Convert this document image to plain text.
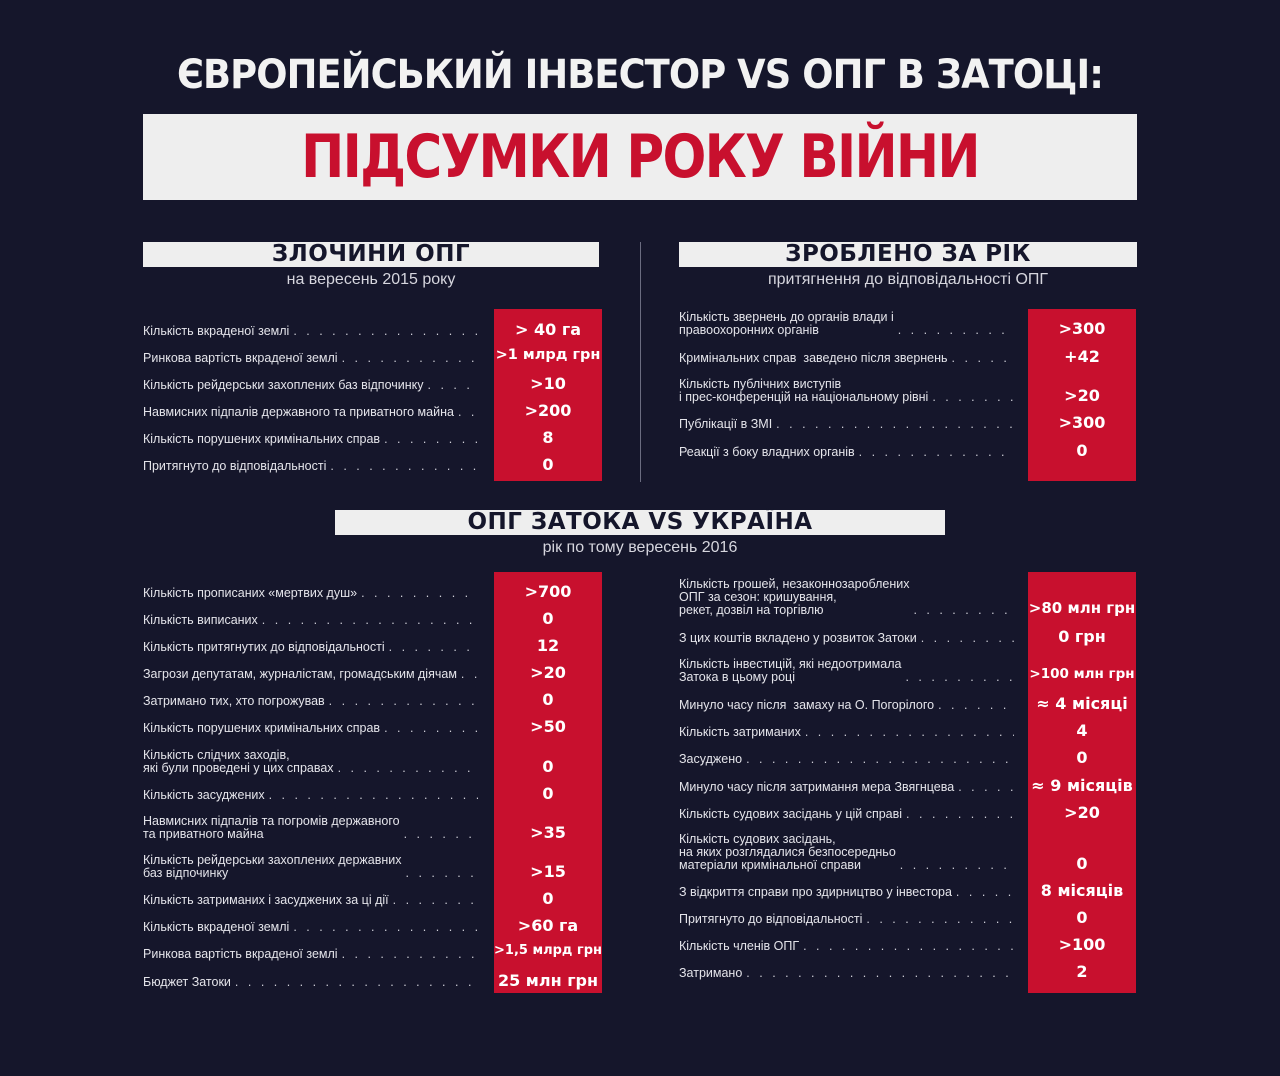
ЄВРОПЕЙСЬКИЙ ІНВЕСТОР VS ОПГ В ЗАТОЦІ:
ПІДСУМКИ РОКУ ВІЙНИ
ЗЛОЧИНИ ОПГ
на вересень 2015 року
ЗРОБЛЕНО ЗА РІК
притягнення до відповідальності ОПГ
ОПГ ЗАТОКА VS УКРАЇНА
рік по тому вересень 2016
Кількість вкраденої землі . . .	> 40 га
Ринкова вартість вкраденої землі . . .	>1 млрд грн
Кількість рейдерськи захоплених баз відпочинку . . .	>10
Навмисних підпалів державного та приватного майна . . .	>200
Кількість порушених кримінальних справ . . .	8
Притягнуто до відповідальності . . .	0
Кількість звернень до органів влади і
правоохоронних органів . . .	>300
Кримінальних справ  заведено після звернень . . .	+42
Кількість публічних виступів
і прес-конференцій на національному рівні . . .	>20
Публікації в ЗМІ . . .	>300
Реакції з боку владних органів . . .	0
Кількість прописаних «мертвих душ» . . .	>700
Кількість виписаних . . .	0
Кількість притягнутих до відповідальності . . .	12
Загрози депутатам, журналістам, громадським діячам . . .	>20
Затримано тих, хто погрожував . . .	0
Кількість порушених кримінальних справ . . .	>50
Кількість слідчих заходів,
які були проведені у цих справах . . .	0
Кількість засуджених . . .	0
Навмисних підпалів та погромів державного
та приватного майна . . .	>35
Кількість рейдерськи захоплених державних
баз відпочинку . . .	>15
Кількість затриманих і засуджених за ці дії . . .	0
Кількість вкраденої землі . . .	>60 га
Ринкова вартість вкраденої землі . . .	>1,5 млрд грн
Бюджет Затоки . . .	25 млн грн
Кількість грошей, незаконнозароблених
ОПГ за сезон: кришування,
рекет, дозвіл на торгівлю . . .	>80 млн грн
З цих коштів вкладено у розвиток Затоки . . .	0 грн
Кількість інвестицій, які недоотримала
Затока в цьому році . . .	>100 млн грн
Минуло часу після  замаху на О. Погорілого . . .	≈ 4 місяці
Кількість затриманих . . .	4
Засуджено . . .	0
Минуло часу після затримання мера Звягнцева . . .	≈ 9 місяців
Кількість судових засідань у цій справі . . .	>20
Кількість судових засідань,
на яких розглядалися безпосередньо
матеріали кримінальної справи . . .	0
З відкриття справи про здирництво у інвестора . . .	8 місяців
Притягнуто до відповідальності . . .	0
Кількість членів ОПГ . . .	>100
Затримано . . .	2
